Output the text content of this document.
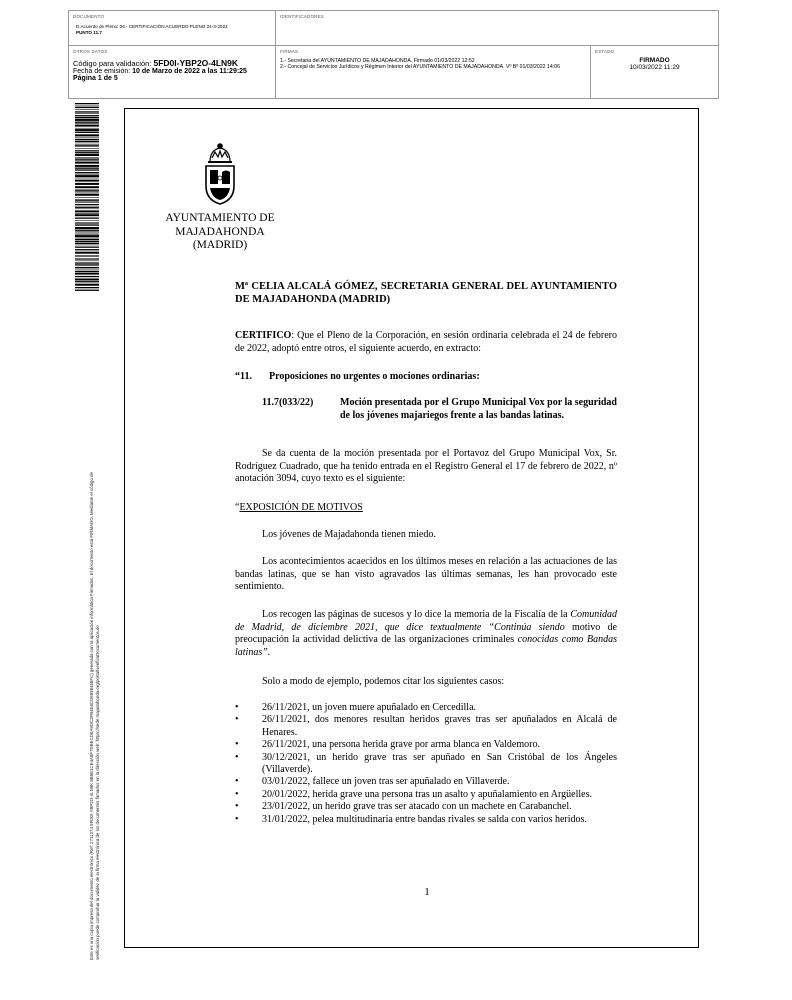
DOCUMENTO
D.Acuerdo de Pleno: 06.- CERTIFICACIÓN ACUERDO PLENO 24-3-2022
PUNTO 11.7
IDENTIFICADORES
OTROS DATOS
Código para validación: 5FD0I-YBP2O-4LN9K
Fecha de emisión: 10 de Marzo de 2022 a las 11:29:25
Página 1 de 5
FIRMAS
1.- Secretaria del AYUNTAMIENTO DE MAJADAHONDA. Firmado 01/03/2022 12:52
2.- Concejal de Servicios Jurídicos y Régimen Interior del AYUNTAMIENTO DE MAJADAHONDA. Vº Bº 01/03/2022 14:06
ESTADO
FIRMADO
10/03/2022 11:29
Este es una copia impresa del documento electrónico (Ref: 2711274 5FD0I-YBP2O-4LN9K 8B5E1CE4A8F7DBECD0A9DC3FB4E8CD8598455FC) generada con la aplicación informática Firmadoc. El documento está FIRMADO. Mediante el código de verificación puede comprobar la validez de la firma electrónica de los documentos firmados en la dirección web: https://sede.majadahonda.org/portal/verificaDocumentos.do
AYUNTAMIENTO DE
MAJADAHONDA
(MADRID)
Mª CELIA ALCALÁ GÓMEZ, SECRETARIA GENERAL DEL AYUNTAMIENTO DE MAJADAHONDA (MADRID)
CERTIFICO: Que el Pleno de la Corporación, en sesión ordinaria celebrada el 24 de febrero de 2022, adoptó entre otros, el siguiente acuerdo, en extracto:
“11. Proposiciones no urgentes o mociones ordinarias:
11.7(033/22)	Moción presentada por el Grupo Municipal Vox por la seguridad de los jóvenes majariegos frente a las bandas latinas.
Se da cuenta de la moción presentada por el Portavoz del Grupo Municipal Vox, Sr. Rodríguez Cuadrado, que ha tenido entrada en el Registro General el 17 de febrero de 2022, nº anotación 3094, cuyo texto es el siguiente:
“EXPOSICIÓN DE MOTIVOS
Los jóvenes de Majadahonda tienen miedo.
Los acontecimientos acaecidos en los últimos meses en relación a las actuaciones de las bandas latinas, que se han visto agravados las últimas semanas, les han provocado este sentimiento.
Los recogen las páginas de sucesos y lo dice la memoria de la Fiscalía de la Comunidad de Madrid, de diciembre 2021, que dice textualmente “Continúa siendo motivo de preocupación la actividad delictiva de las organizaciones criminales conocidas como Bandas latinas”.
Solo a modo de ejemplo, podemos citar los siguientes casos:
• 26/11/2021, un joven muere apuñalado en Cercedilla.
• 26/11/2021, dos menores resultan heridos graves tras ser apuñalados en Alcalá de Henares.
• 26/11/2021, una persona herida grave por arma blanca en Valdemoro.
• 30/12/2021, un herido grave tras ser apuñado en San Cristóbal de los Ángeles (Villaverde).
• 03/01/2022, fallece un joven tras ser apuñalado en Villaverde.
• 20/01/2022, herida grave una persona tras un asalto y apuñalamiento en Argüelles.
• 23/01/2022, un herido grave tras ser atacado con un machete en Carabanchel.
• 31/01/2022, pelea multitudinaria entre bandas rivales se salda con varios heridos.
1
